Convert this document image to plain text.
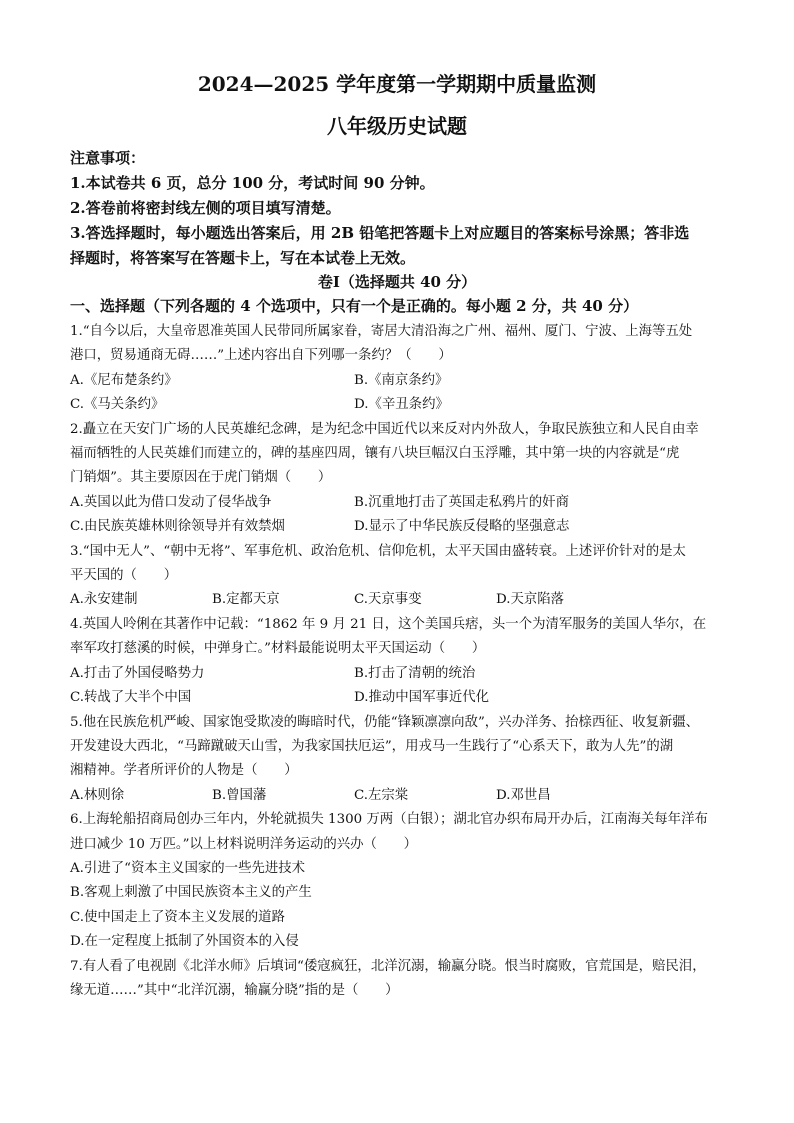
2024—2025 学年度第一学期期中质量监测
八年级历史试题
注意事项：
1.本试卷共 6 页，总分 100 分，考试时间 90 分钟。
2.答卷前将密封线左侧的项目填写清楚。
3.答选择题时，每小题选出答案后，用 2B 铅笔把答题卡上对应题目的答案标号涂黑；答非选
择题时，将答案写在答题卡上，写在本试卷上无效。
卷Ⅰ（选择题共 40 分）
一、选择题（下列各题的 4 个选项中，只有一个是正确的。每小题 2 分，共 40 分）
1.“自今以后，大皇帝恩准英国人民带同所属家眷，寄居大清沿海之广州、福州、厦门、宁波、上海等五处
港口，贸易通商无碍……”上述内容出自下列哪一条约？（　　）
A.《尼布楚条约》	B.《南京条约》
C.《马关条约》	D.《辛丑条约》
2.矗立在天安门广场的人民英雄纪念碑，是为纪念中国近代以来反对内外敌人，争取民族独立和人民自由幸
福而牺牲的人民英雄们而建立的，碑的基座四周，镶有八块巨幅汉白玉浮雕，其中第一块的内容就是“虎
门销烟”。其主要原因在于虎门销烟（　　）
A.英国以此为借口发动了侵华战争	B.沉重地打击了英国走私鸦片的奸商
C.由民族英雄林则徐领导并有效禁烟	D.显示了中华民族反侵略的坚强意志
3.“国中无人”、“朝中无将”、军事危机、政治危机、信仰危机，太平天国由盛转衰。上述评价针对的是太
平天国的（　　）
A.永安建制	B.定都天京	C.天京事变	D.天京陷落
4.英国人呤俐在其著作中记载：“1862 年 9 月 21 日，这个美国兵痞，头一个为清军服务的美国人华尔，在
率军攻打慈溪的时候，中弹身亡。”材料最能说明太平天国运动（　　）
A.打击了外国侵略势力	B.打击了清朝的统治
C.转战了大半个中国	D.推动中国军事近代化
5.他在民族危机严峻、国家饱受欺凌的晦暗时代，仍能“锋颖凛凛向敌”，兴办洋务、抬榇西征、收复新疆、
开发建设大西北，“马蹄蹴破天山雪，为我家国扶厄运”，用戎马一生践行了“心系天下，敢为人先”的湖
湘精神。学者所评价的人物是（　　）
A.林则徐	B.曾国藩	C.左宗棠	D.邓世昌
6.上海轮船招商局创办三年内，外轮就损失 1300 万两（白银）；湖北官办织布局开办后，江南海关每年洋布
进口减少 10 万匹。”以上材料说明洋务运动的兴办（　　）
A.引进了“资本主义国家的一些先进技术
B.客观上刺激了中国民族资本主义的产生
C.使中国走上了资本主义发展的道路
D.在一定程度上抵制了外国资本的入侵
7.有人看了电视剧《北洋水师》后填词“倭寇疯狂，北洋沉溺，输赢分晓。恨当时腐败，官荒国是，赔民泪，
缘无道……”其中“北洋沉溺，输赢分晓”指的是（　　）
